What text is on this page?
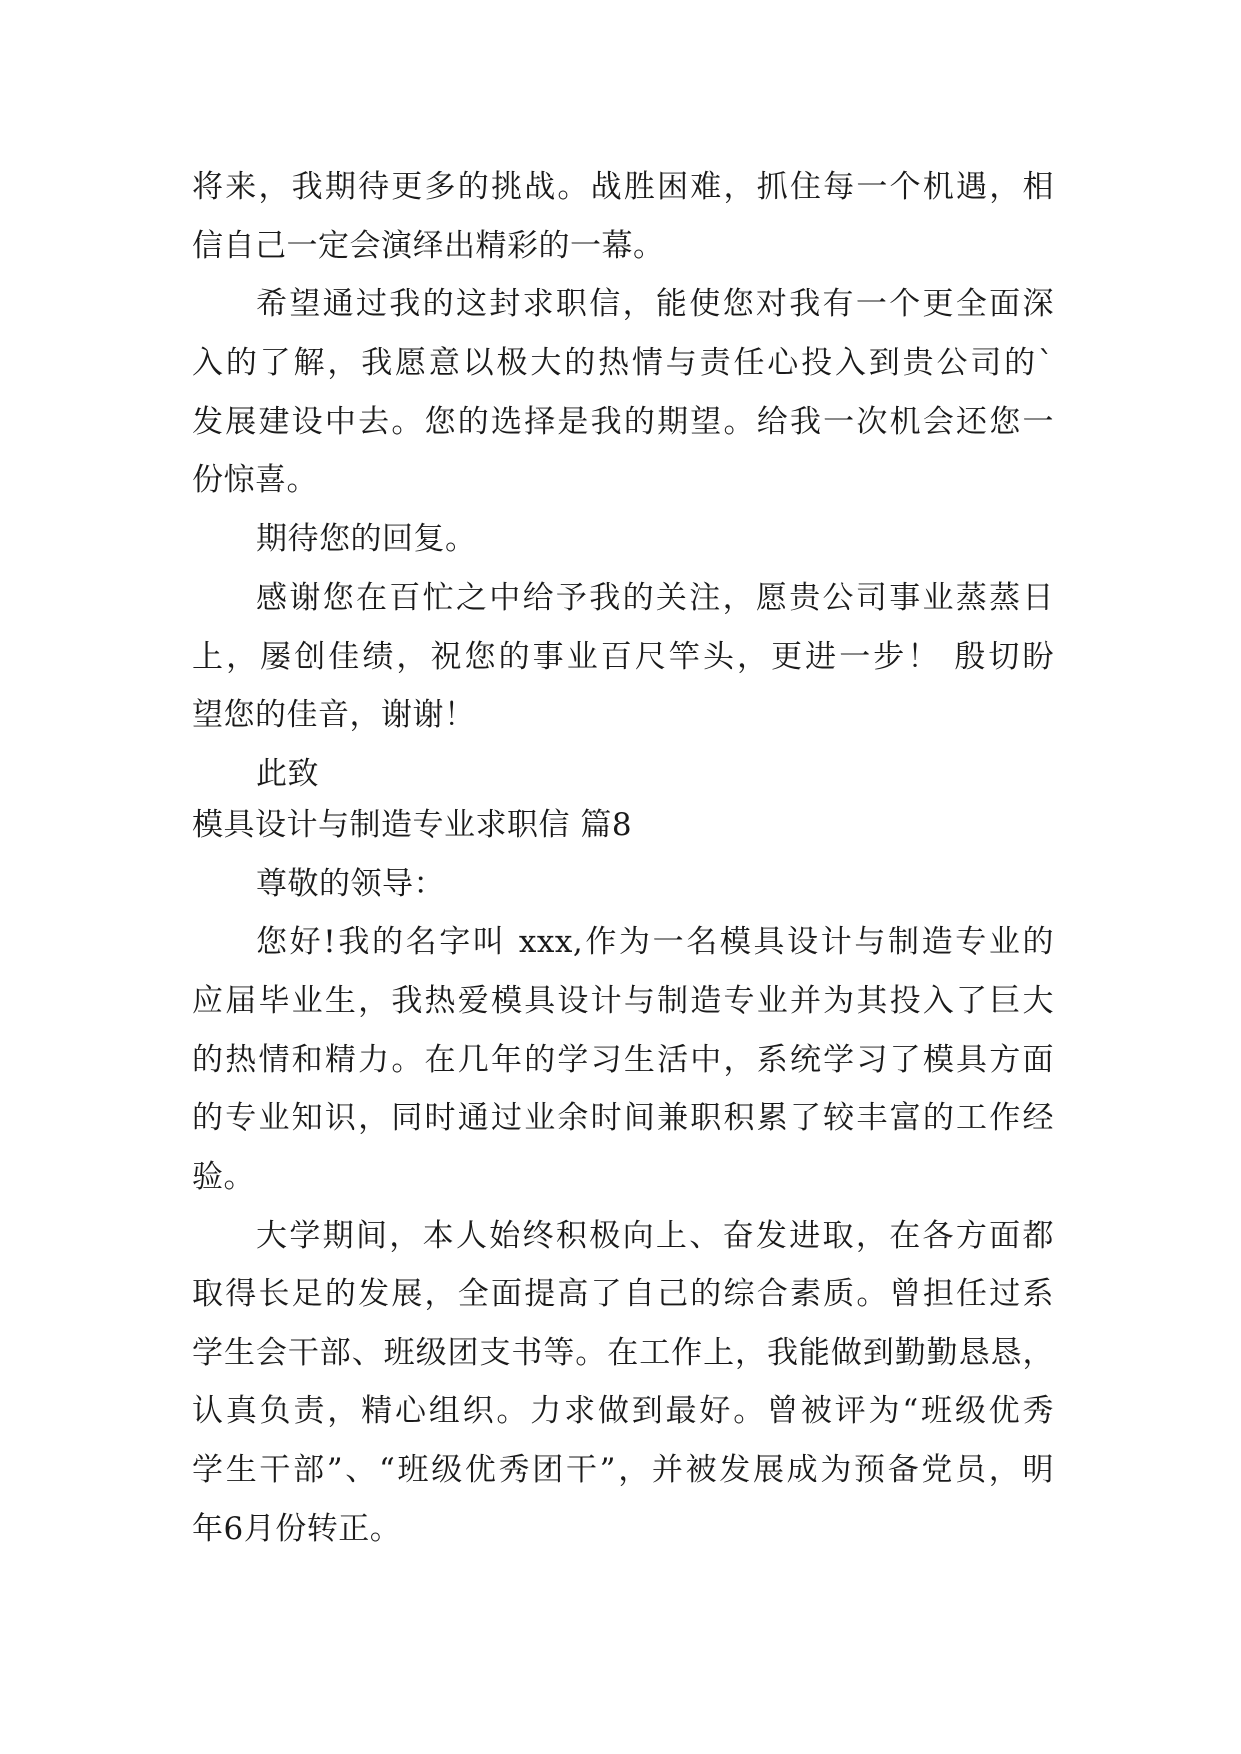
将来，我期待更多的挑战。战胜困难，抓住每一个机遇，相
信自己一定会演绎出精彩的一幕。
希望通过我的这封求职信，能使您对我有一个更全面深
入的了解，我愿意以极大的热情与责任心投入到贵公司的`
发展建设中去。您的选择是我的期望。给我一次机会还您一
份惊喜。
期待您的回复。
感谢您在百忙之中给予我的关注，愿贵公司事业蒸蒸日
上，屡创佳绩，祝您的事业百尺竿头，更进一步！ 殷切盼
望您的佳音，谢谢！
此致
模具设计与制造专业求职信 篇8
尊敬的领导：
您好!我的名字叫 xxx,作为一名模具设计与制造专业的
应届毕业生，我热爱模具设计与制造专业并为其投入了巨大
的热情和精力。在几年的学习生活中，系统学习了模具方面
的专业知识，同时通过业余时间兼职积累了较丰富的工作经
验。
大学期间，本人始终积极向上、奋发进取，在各方面都
取得长足的发展，全面提高了自己的综合素质。曾担任过系
学生会干部、班级团支书等。在工作上，我能做到勤勤恳恳，
认真负责，精心组织。力求做到最好。曾被评为“班级优秀
学生干部”、“班级优秀团干”，并被发展成为预备党员，明
年6月份转正。
